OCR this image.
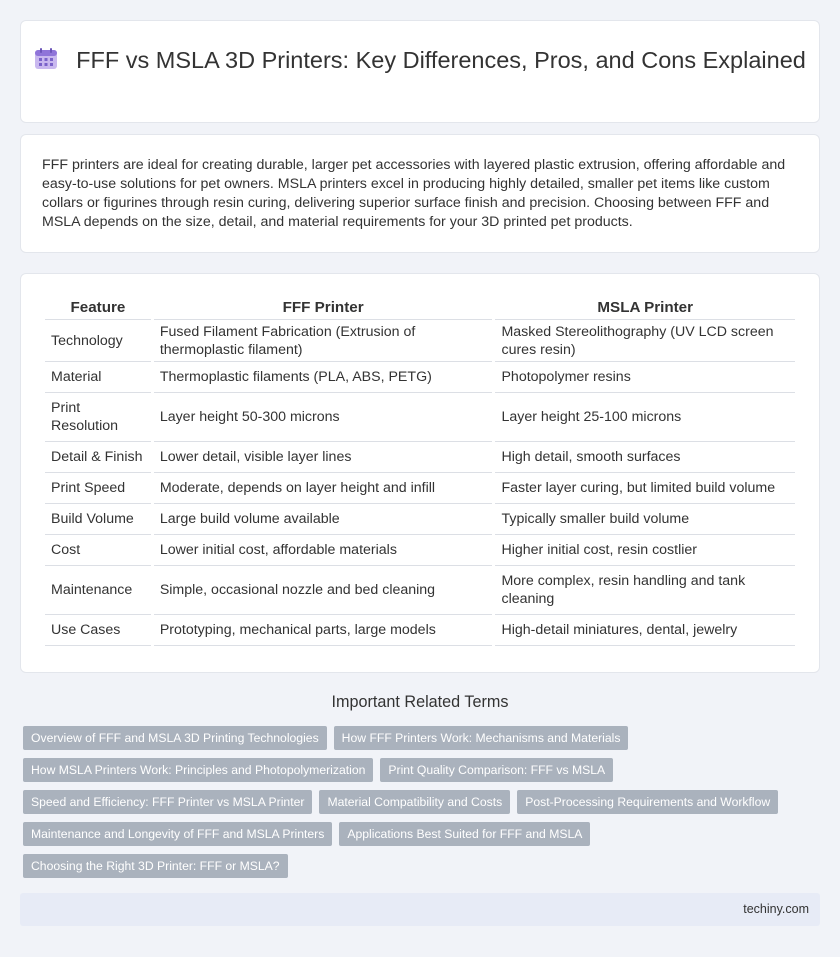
FFF vs MSLA 3D Printers: Key Differences, Pros, and Cons Explained

FFF printers are ideal for creating durable, larger pet accessories with layered plastic extrusion, offering affordable and easy-to-use solutions for pet owners. MSLA printers excel in producing highly detailed, smaller pet items like custom collars or figurines through resin curing, delivering superior surface finish and precision. Choosing between FFF and MSLA depends on the size, detail, and material requirements for your 3D printed pet products.

Feature	FFF Printer	MSLA Printer
Technology	Fused Filament Fabrication (Extrusion of thermoplastic filament)	Masked Stereolithography (UV LCD screen cures resin)
Material	Thermoplastic filaments (PLA, ABS, PETG)	Photopolymer resins
Print Resolution	Layer height 50-300 microns	Layer height 25-100 microns
Detail & Finish	Lower detail, visible layer lines	High detail, smooth surfaces
Print Speed	Moderate, depends on layer height and infill	Faster layer curing, but limited build volume
Build Volume	Large build volume available	Typically smaller build volume
Cost	Lower initial cost, affordable materials	Higher initial cost, resin costlier
Maintenance	Simple, occasional nozzle and bed cleaning	More complex, resin handling and tank cleaning
Use Cases	Prototyping, mechanical parts, large models	High-detail miniatures, dental, jewelry
Important Related Terms
Overview of FFF and MSLA 3D Printing Technologies	How FFF Printers Work: Mechanisms and Materials
How MSLA Printers Work: Principles and Photopolymerization	Print Quality Comparison: FFF vs MSLA
Speed and Efficiency: FFF Printer vs MSLA Printer	Material Compatibility and Costs	Post-Processing Requirements and Workflow
Maintenance and Longevity of FFF and MSLA Printers	Applications Best Suited for FFF and MSLA
Choosing the Right 3D Printer: FFF or MSLA?
techiny.com
